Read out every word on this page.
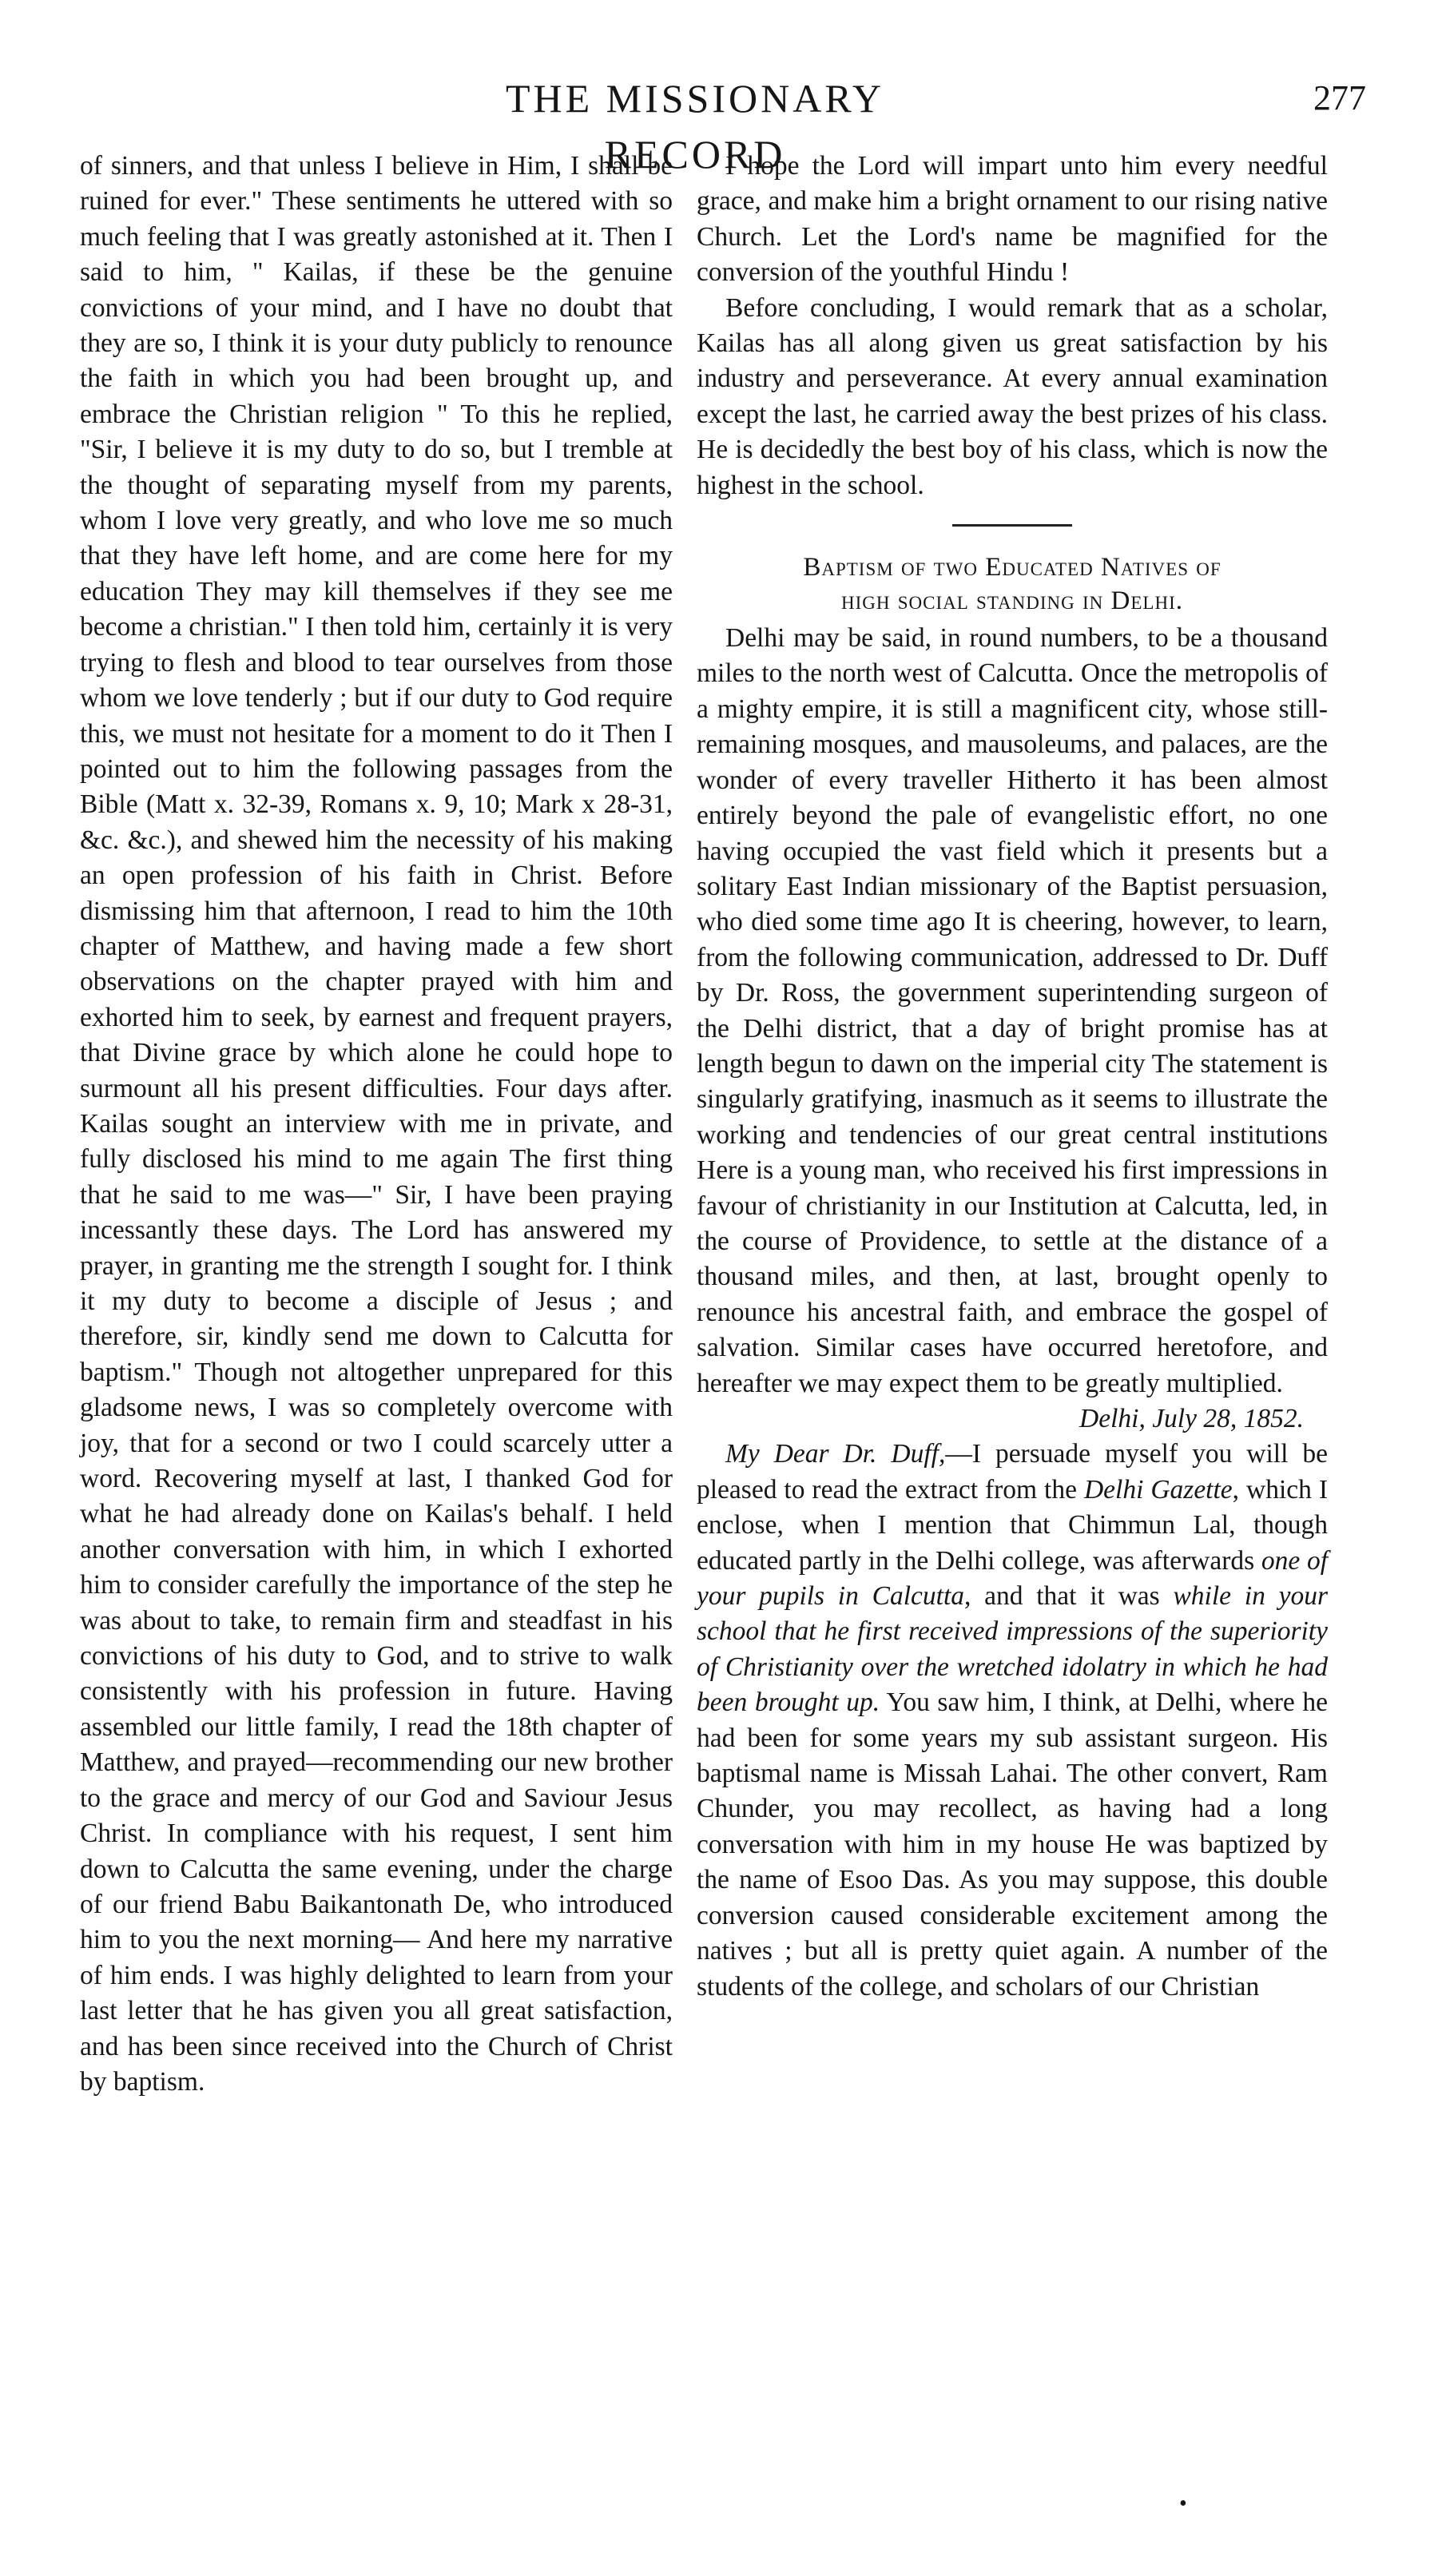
THE MISSIONARY RECORD
277

of sinners, and that unless I believe in Him, I shall be ruined for ever." These sentiments he uttered with so much feeling that I was greatly astonished at it. Then I said to him, " Kailas, if these be the genuine convictions of your mind, and I have no doubt that they are so, I think it is your duty publicly to renounce the faith in which you had been brought up, and embrace the Christian religion " To this he replied, "Sir, I believe it is my duty to do so, but I tremble at the thought of separating myself from my parents, whom I love very greatly, and who love me so much that they have left home, and are come here for my education They may kill themselves if they see me become a christian." I then told him, certainly it is very trying to flesh and blood to tear ourselves from those whom we love tenderly ; but if our duty to God require this, we must not hesitate for a moment to do it Then I pointed out to him the following passages from the Bible (Matt x. 32-39, Romans x. 9, 10; Mark x 28-31, &c. &c.), and shewed him the necessity of his making an open profession of his faith in Christ. Before dismissing him that afternoon, I read to him the 10th chapter of Matthew, and having made a few short observations on the chapter prayed with him and exhorted him to seek, by earnest and frequent prayers, that Divine grace by which alone he could hope to surmount all his present difficulties. Four days after. Kailas sought an interview with me in private, and fully disclosed his mind to me again The first thing that he said to me was—" Sir, I have been praying incessantly these days. The Lord has answered my prayer, in granting me the strength I sought for. I think it my duty to become a disciple of Jesus ; and therefore, sir, kindly send me down to Calcutta for baptism." Though not altogether unprepared for this gladsome news, I was so completely overcome with joy, that for a second or two I could scarcely utter a word. Recovering myself at last, I thanked God for what he had already done on Kailas's behalf. I held another conversation with him, in which I exhorted him to consider carefully the importance of the step he was about to take, to remain firm and steadfast in his convictions of his duty to God, and to strive to walk consistently with his profession in future. Having assembled our little family, I read the 18th chapter of Matthew, and prayed—recommending our new brother to the grace and mercy of our God and Saviour Jesus Christ. In compliance with his request, I sent him down to Calcutta the same evening, under the charge of our friend Babu Baikantonath De, who introduced him to you the next morning— And here my narrative of him ends. I was highly delighted to learn from your last letter that he has given you all great satisfaction, and has been since received into the Church of Christ by baptism.

I hope the Lord will impart unto him every needful grace, and make him a bright ornament to our rising native Church. Let the Lord's name be magnified for the conversion of the youthful Hindu !

Before concluding, I would remark that as a scholar, Kailas has all along given us great satisfaction by his industry and perseverance. At every annual examination except the last, he carried away the best prizes of his class. He is decidedly the best boy of his class, which is now the highest in the school.

Baptism of two Educated Natives of
high social standing in Delhi.

Delhi may be said, in round numbers, to be a thousand miles to the north west of Calcutta. Once the metropolis of a mighty empire, it is still a magnificent city, whose still-remaining mosques, and mausoleums, and palaces, are the wonder of every traveller Hitherto it has been almost entirely beyond the pale of evangelistic effort, no one having occupied the vast field which it presents but a solitary East Indian missionary of the Baptist persuasion, who died some time ago It is cheering, however, to learn, from the following communication, addressed to Dr. Duff by Dr. Ross, the government superintending surgeon of the Delhi district, that a day of bright promise has at length begun to dawn on the imperial city The statement is singularly gratifying, inasmuch as it seems to illustrate the working and tendencies of our great central institutions Here is a young man, who received his first impressions in favour of christianity in our Institution at Calcutta, led, in the course of Providence, to settle at the distance of a thousand miles, and then, at last, brought openly to renounce his ancestral faith, and embrace the gospel of salvation. Similar cases have occurred heretofore, and hereafter we may expect them to be greatly multiplied.

Delhi, July 28, 1852.

My Dear Dr. Duff,—I persuade myself you will be pleased to read the extract from the Delhi Gazette, which I enclose, when I mention that Chimmun Lal, though educated partly in the Delhi college, was afterwards one of your pupils in Calcutta, and that it was while in your school that he first received impressions of the superiority of Christianity over the wretched idolatry in which he had been brought up. You saw him, I think, at Delhi, where he had been for some years my sub assistant surgeon. His baptismal name is Missah Lahai. The other convert, Ram Chunder, you may recollect, as having had a long conversation with him in my house He was baptized by the name of Esoo Das. As you may suppose, this double conversion caused considerable excitement among the natives ; but all is pretty quiet again. A number of the students of the college, and scholars of our Christian

•
